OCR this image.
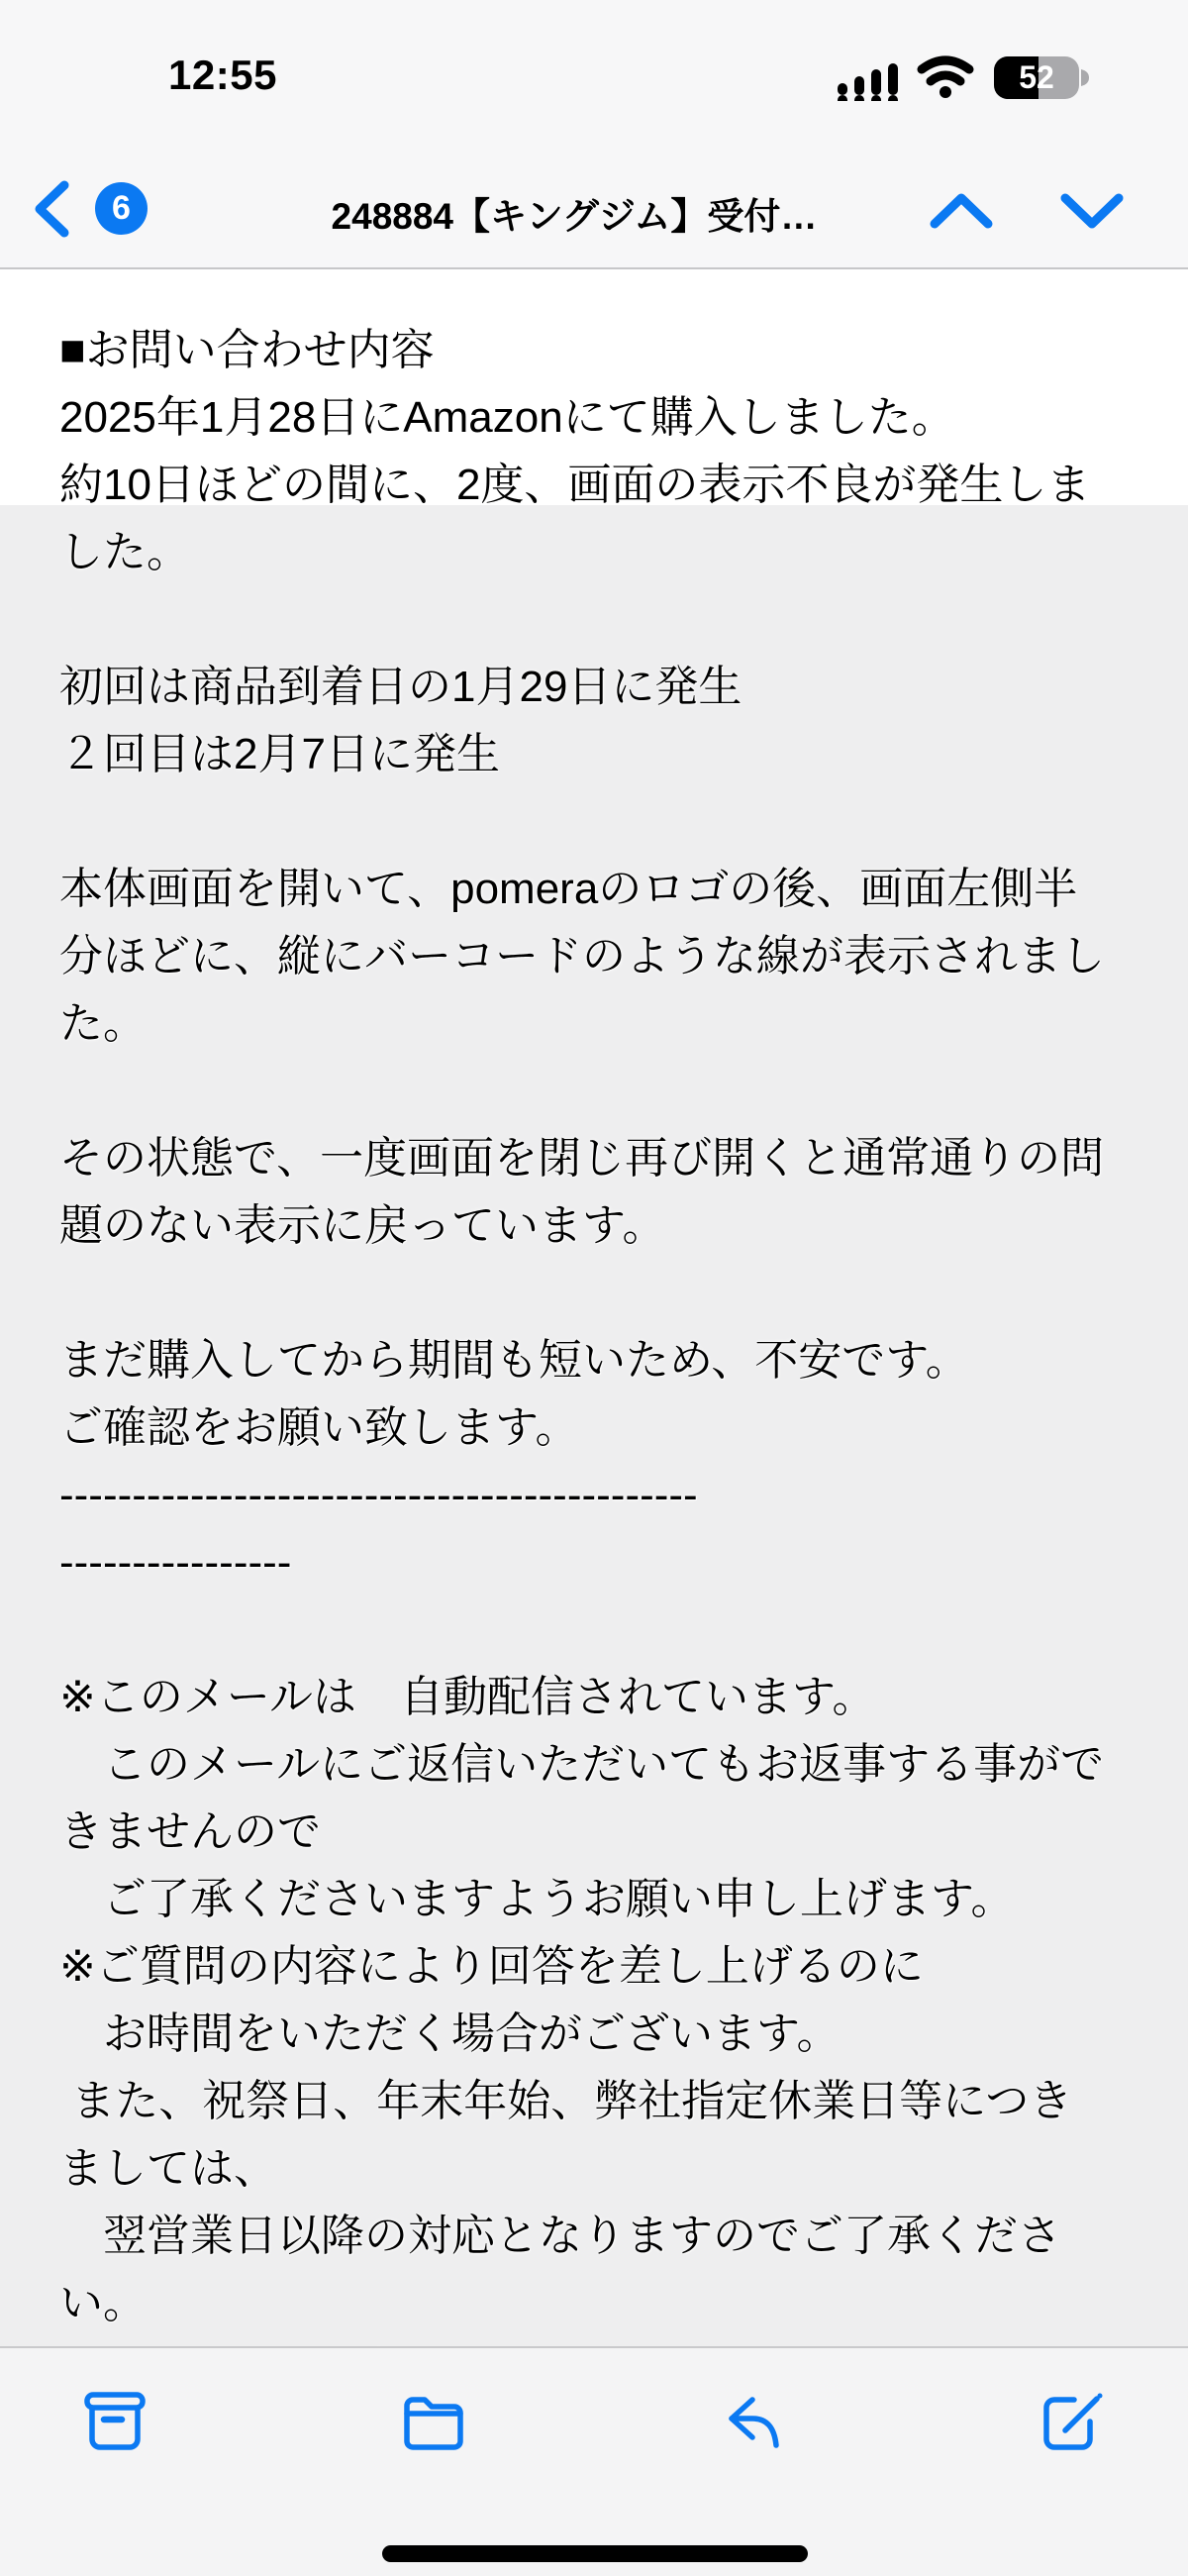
12:55	52
6	248884【キングジム】受付…
■お問い合わせ内容
2025年1月28日にAmazonにて購入しました。
約10日ほどの間に、2度、画面の表示不良が発生しま
した。
初回は商品到着日の1月29日に発生
２回目は2月7日に発生
本体画面を開いて、pomeraのロゴの後、画面左側半
分ほどに、縦にバーコードのような線が表示されまし
た。
その状態で、一度画面を閉じ再び開くと通常通りの問
題のない表示に戻っています。
まだ購入してから期間も短いため、不安です。
ご確認をお願い致します。
--------------------------------------------
----------------
※このメールは　自動配信されています。
　このメールにご返信いただいてもお返事する事がで
きませんので
　ご了承くださいますようお願い申し上げます。
※ご質問の内容により回答を差し上げるのに
　お時間をいただく場合がございます。
また、祝祭日、年末年始、弊社指定休業日等につき
ましては、
　翌営業日以降の対応となりますのでご了承くださ
い。
